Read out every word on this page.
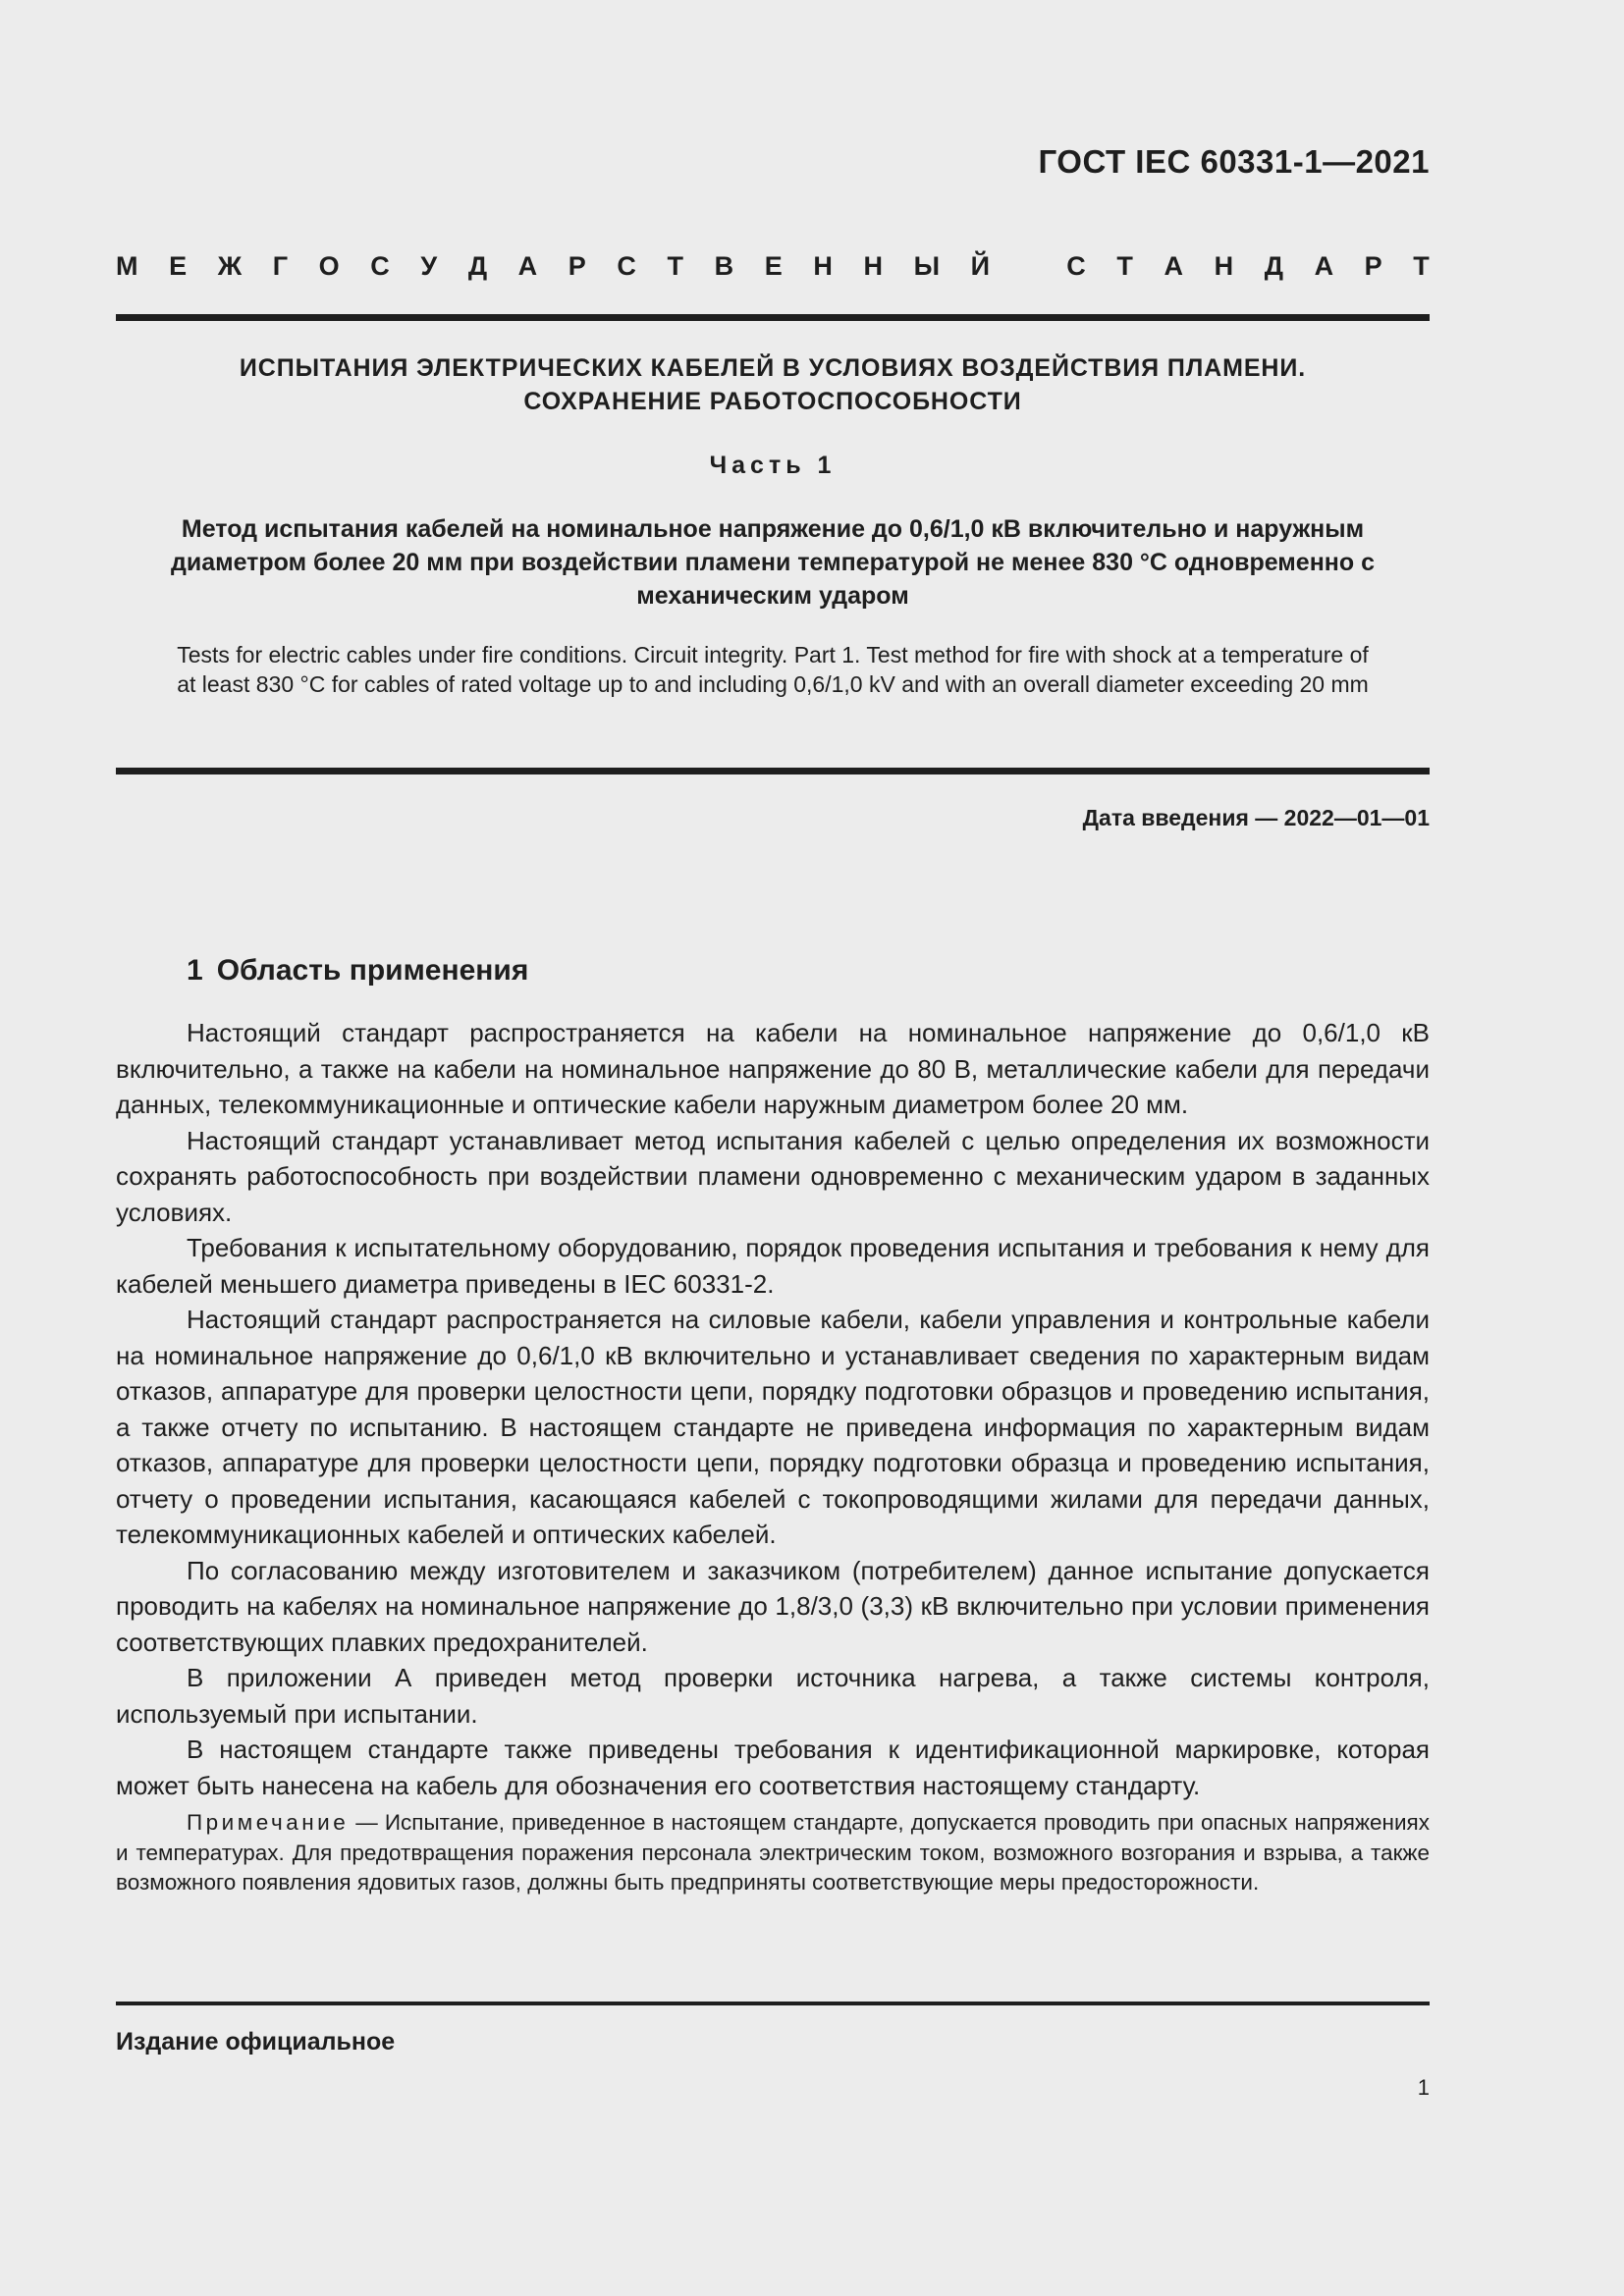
ГОСТ IEC 60331-1—2021
М Е Ж Г О С У Д А Р С Т В Е Н Н Ы Й
	С Т А Н Д А Р Т
ИСПЫТАНИЯ ЭЛЕКТРИЧЕСКИХ КАБЕЛЕЙ В УСЛОВИЯХ ВОЗДЕЙСТВИЯ ПЛАМЕНИ.
СОХРАНЕНИЕ РАБОТОСПОСОБНОСТИ
Часть 1
Метод испытания кабелей на номинальное напряжение до 0,6/1,0 кВ включительно и наружным диаметром более 20 мм при воздействии пламени температурой не менее 830 °С одновременно с механическим ударом
Tests for electric cables under fire conditions. Circuit integrity. Part 1. Test method for fire with shock at a temperature of at least 830 °C for cables of rated voltage up to and including 0,6/1,0 kV and with an overall diameter exceeding 20 mm
Дата введения — 2022—01—01
1 Область применения

Настоящий стандарт распространяется на кабели на номинальное напряжение до 0,6/1,0 кВ включительно, а также на кабели на номинальное напряжение до 80 В, металлические кабели для передачи данных, телекоммуникационные и оптические кабели наружным диаметром более 20 мм.

Настоящий стандарт устанавливает метод испытания кабелей с целью определения их возможности сохранять работоспособность при воздействии пламени одновременно с механическим ударом в заданных условиях.

Требования к испытательному оборудованию, порядок проведения испытания и требования к нему для кабелей меньшего диаметра приведены в IEC 60331-2.

Настоящий стандарт распространяется на силовые кабели, кабели управления и контрольные кабели на номинальное напряжение до 0,6/1,0 кВ включительно и устанавливает сведения по характерным видам отказов, аппаратуре для проверки целостности цепи, порядку подготовки образцов и проведению испытания, а также отчету по испытанию. В настоящем стандарте не приведена информация по характерным видам отказов, аппаратуре для проверки целостности цепи, порядку подготовки образца и проведению испытания, отчету о проведении испытания, касающаяся кабелей с токопроводящими жилами для передачи данных, телекоммуникационных кабелей и оптических кабелей.

По согласованию между изготовителем и заказчиком (потребителем) данное испытание допускается проводить на кабелях на номинальное напряжение до 1,8/3,0 (3,3) кВ включительно при условии применения соответствующих плавких предохранителей.

В приложении А приведен метод проверки источника нагрева, а также системы контроля, используемый при испытании.

В настоящем стандарте также приведены требования к идентификационной маркировке, которая может быть нанесена на кабель для обозначения его соответствия настоящему стандарту.

Примечание — Испытание, приведенное в настоящем стандарте, допускается проводить при опасных напряжениях и температурах. Для предотвращения поражения персонала электрическим током, возможного возгорания и взрыва, а также возможного появления ядовитых газов, должны быть предприняты соответствующие меры предосторожности.
Издание официальное
1
